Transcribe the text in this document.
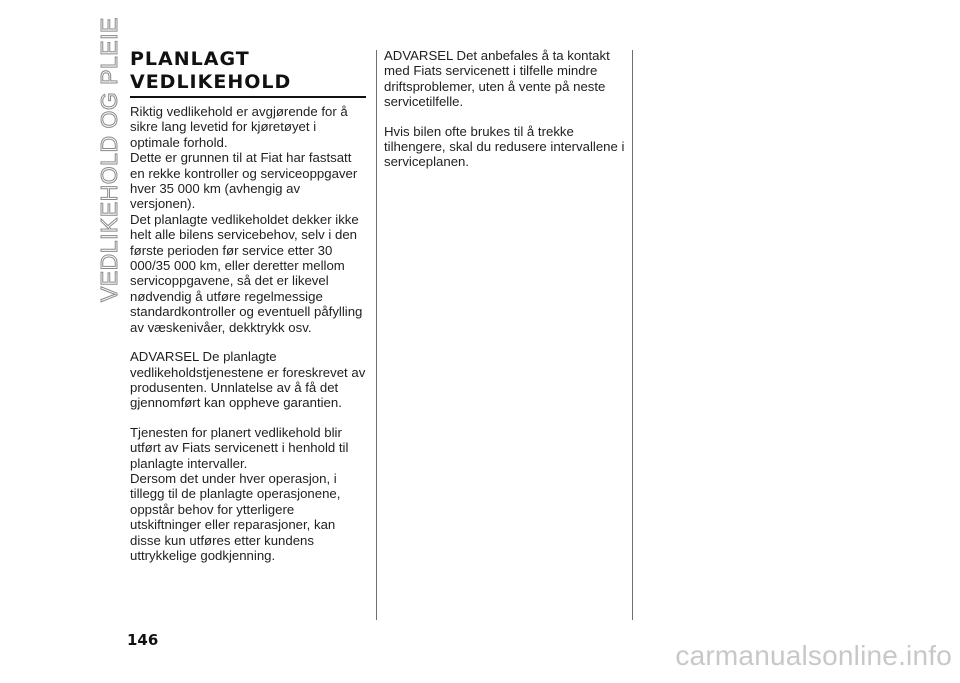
VEDLIKEHOLD OG PLEIE PLANLAGT
VEDLIKEHOLD

Riktig vedlikehold er avgjørende for å sikre lang levetid for kjøretøyet i optimale forhold.

Dette er grunnen til at Fiat har fastsatt en rekke kontroller og serviceoppgaver hver 35 000 km (avhengig av versjonen).

Det planlagte vedlikeholdet dekker ikke helt alle bilens servicebehov, selv i den første perioden før service etter 30 000/35 000 km, eller deretter mellom servicoppgavene, så det er likevel nødvendig å utføre regelmessige standardkontroller og eventuell påfylling av væskenivåer, dekktrykk osv.

ADVARSEL De planlagte vedlikeholdstjenestene er foreskrevet av produsenten. Unnlatelse av å få det gjennomført kan oppheve garantien.

Tjenesten for planert vedlikehold blir utført av Fiats servicenett i henhold til planlagte intervaller.

Dersom det under hver operasjon, i tillegg til de planlagte operasjonene, oppstår behov for ytterligere utskiftninger eller reparasjoner, kan disse kun utføres etter kundens uttrykkelige godkjenning.

ADVARSEL Det anbefales å ta kontakt med Fiats servicenett i tilfelle mindre driftsproblemer, uten å vente på neste servicetilfelle.

Hvis bilen ofte brukes til å trekke tilhengere, skal du redusere intervallene i serviceplanen.

146	carmanualsonline.info
